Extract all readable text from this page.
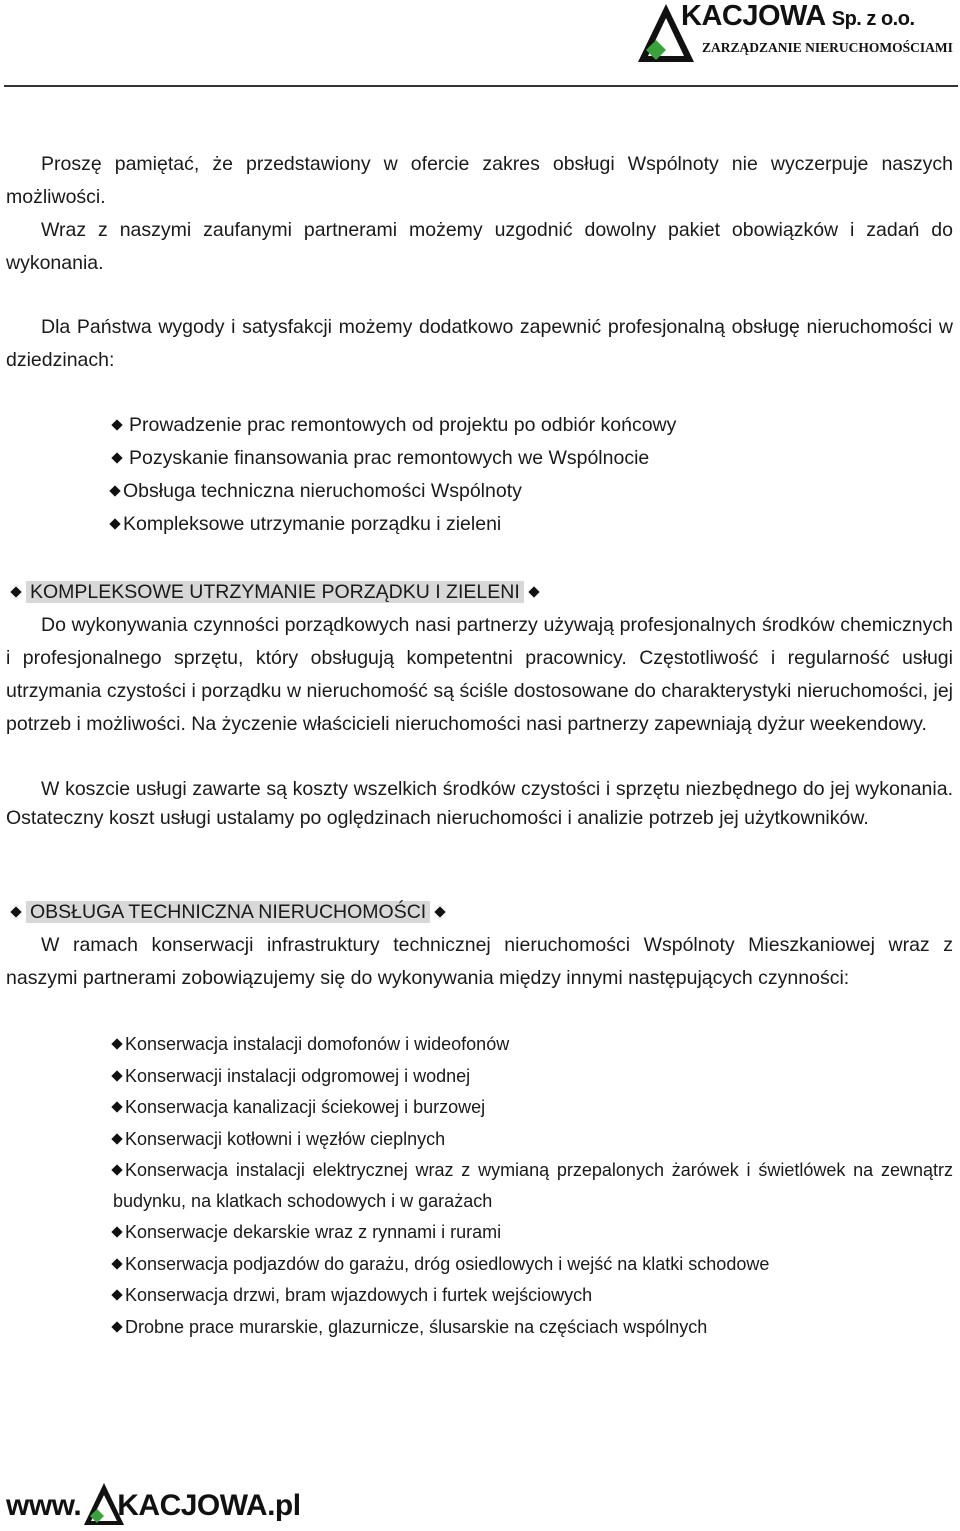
KACJOWA Sp. z o.o.
ZARZĄDZANIE NIERUCHOMOŚCIAMI
Proszę pamiętać, że przedstawiony w ofercie zakres obsługi Wspólnoty nie wyczerpuje naszych możliwości.
Wraz z naszymi zaufanymi partnerami możemy uzgodnić dowolny pakiet obowiązków i zadań do wykonania.
Dla Państwa wygody i satysfakcji możemy dodatkowo zapewnić profesjonalną obsługę nieruchomości w dziedzinach:
Prowadzenie prac remontowych od projektu po odbiór końcowy
Pozyskanie finansowania prac remontowych we Wspólnocie
Obsługa techniczna nieruchomości Wspólnoty
Kompleksowe utrzymanie porządku i zieleni
KOMPLEKSOWE UTRZYMANIE PORZĄDKU I ZIELENI
Do wykonywania czynności porządkowych nasi partnerzy używają profesjonalnych środków chemicznych i profesjonalnego sprzętu, który obsługują kompetentni pracownicy. Częstotliwość i regularność usługi utrzymania czystości i porządku w nieruchomość są ściśle dostosowane do charakterystyki nieruchomości, jej potrzeb i możliwości. Na życzenie właścicieli nieruchomości nasi partnerzy zapewniają dyżur weekendowy.
W koszcie usługi zawarte są koszty wszelkich środków czystości i sprzętu niezbędnego do jej wykonania. Ostateczny koszt usługi ustalamy po oględzinach nieruchomości i analizie potrzeb jej użytkowników.
OBSŁUGA TECHNICZNA NIERUCHOMOŚCI
W ramach konserwacji infrastruktury technicznej nieruchomości Wspólnoty Mieszkaniowej wraz z naszymi partnerami zobowiązujemy się do wykonywania między innymi następujących czynności:
Konserwacja instalacji domofonów i wideofonów
Konserwacji instalacji odgromowej i wodnej
Konserwacja kanalizacji ściekowej i burzowej
Konserwacji kotłowni i węzłów cieplnych
Konserwacja instalacji elektrycznej wraz z wymianą przepalonych żarówek i świetlówek na zewnątrz budynku, na klatkach schodowych i w garażach
Konserwacje dekarskie wraz z rynnami i rurami
Konserwacja podjazdów do garażu, dróg osiedlowych i wejść na klatki schodowe
Konserwacja drzwi, bram wjazdowych i furtek wejściowych
Drobne prace murarskie, glazurnicze, ślusarskie na częściach wspólnych
www. KACJOWA.pl
